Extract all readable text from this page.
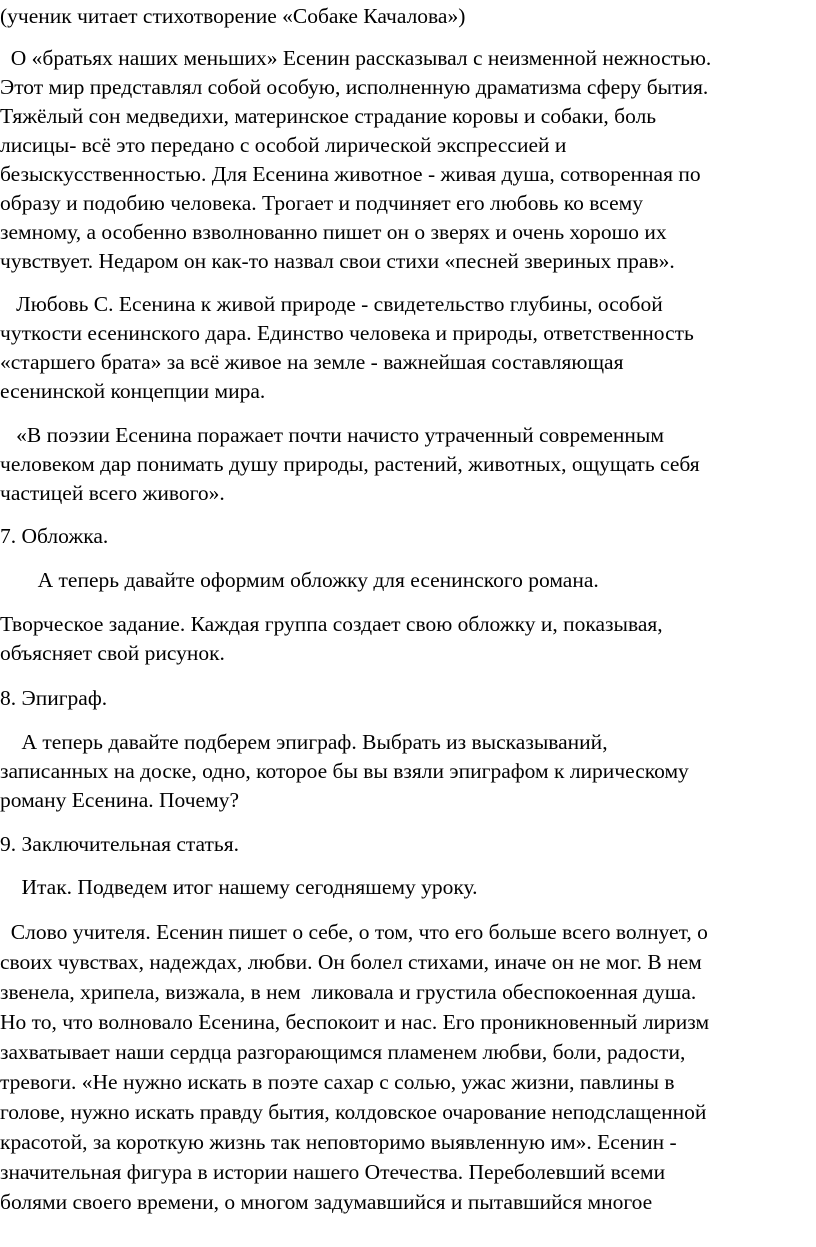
(ученик читает стихотворение «Собаке Качалова»)
О «братьях наших меньших» Есенин рассказывал с неизменной нежностью.
Этот мир представлял собой особую, исполненную драматизма сферу бытия.
Тяжёлый сон медведихи, материнское страдание коровы и собаки, боль
лисицы- всё это передано с особой лирической экспрессией и
безыскусственностью. Для Есенина животное - живая душа, сотворенная по
образу и подобию человека. Трогает и подчиняет его любовь ко всему
земному, а особенно взволнованно пишет он о зверях и очень хорошо их
чувствует. Недаром он как-то назвал свои стихи «песней звериных прав».
Любовь С. Есенина к живой природе - свидетельство глубины, особой
чуткости есенинского дара. Единство человека и природы, ответственность
«старшего брата» за всё живое на земле - важнейшая составляющая
есенинской концепции мира.
«В поэзии Есенина поражает почти начисто утраченный современным
человеком дар понимать душу природы, растений, животных, ощущать себя
частицей всего живого».
7. Обложка.
А теперь давайте оформим обложку для есенинского романа.
Творческое задание. Каждая группа создает свою обложку и, показывая,
объясняет свой рисунок.
8. Эпиграф.
А теперь давайте подберем эпиграф. Выбрать из высказываний,
записанных на доске, одно, которое бы вы взяли эпиграфом к лирическому
роману Есенина. Почему?
9. Заключительная статья.
Итак. Подведем итог нашему сегодняшему уроку.
Слово учителя. Есенин пишет о себе, о том, что его больше всего волнует, о
своих чувствах, надеждах, любви. Он болел стихами, иначе он не мог. В нем
звенела, хрипела, визжала, в нем  ликовала и грустила обеспокоенная душа.
Но то, что волновало Есенина, беспокоит и нас. Его проникновенный лиризм
захватывает наши сердца разгорающимся пламенем любви, боли, радости,
тревоги. «Не нужно искать в поэте сахар с солью, ужас жизни, павлины в
голове, нужно искать правду бытия, колдовское очарование неподслащенной
красотой, за короткую жизнь так неповторимо выявленную им». Есенин -
значительная фигура в истории нашего Отечества. Переболевший всеми
болями своего времени, о многом задумавшийся и пытавшийся многое
